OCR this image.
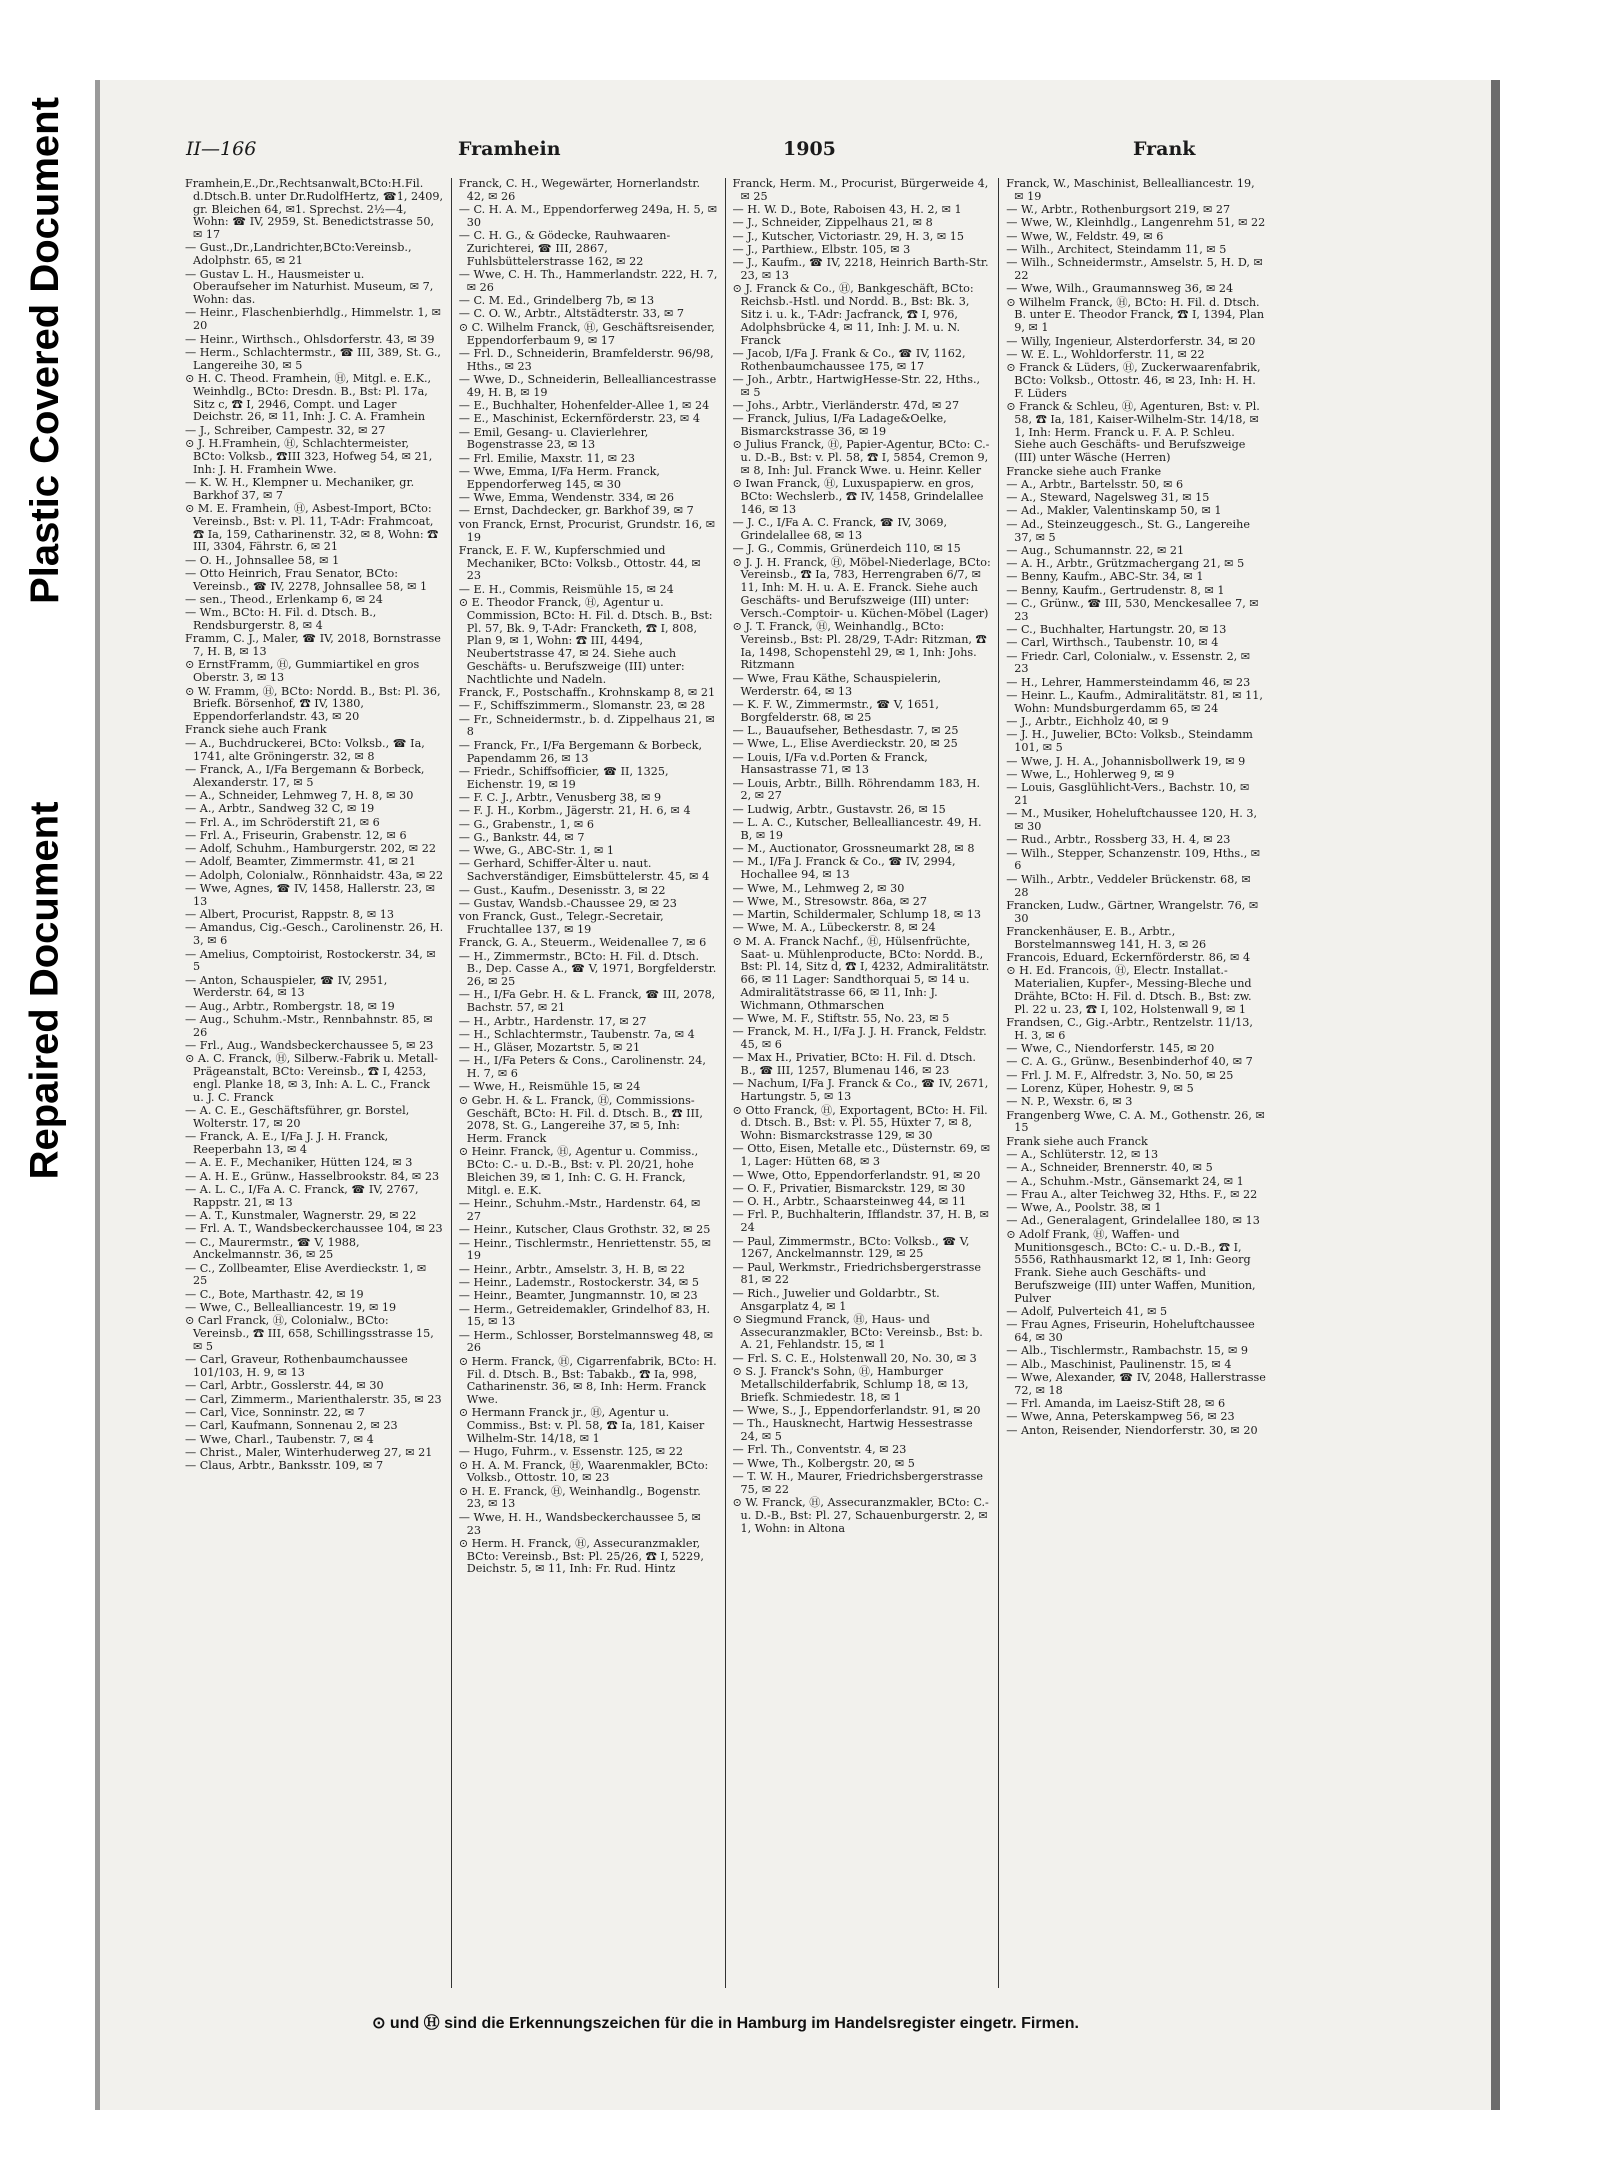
Plastic Covered Document
Repaired Document
II—166	Framhein	1905	Frank
Framhein,E.,Dr.,Rechtsanwalt,BCto:H.Fil. d.Dtsch.B. unter Dr.RudolfHertz, ☎1, 2409, gr. Bleichen 64, ✉1. Sprechst. 2½—4, Wohn: ☎ IV, 2959, St. Benedictstrasse 50, ✉ 17
— Gust.,Dr.,Landrichter,BCto:Vereinsb., Adolphstr. 65, ✉ 21
— Gustav L. H., Hausmeister u. Oberaufseher im Naturhist. Museum, ✉ 7, Wohn: das.
— Heinr., Flaschenbierhdlg., Himmelstr. 1, ✉ 20
— Heinr., Wirthsch., Ohlsdorferstr. 43, ✉ 39
— Herm., Schlachtermstr., ☎ III, 389, St. G., Langereihe 30, ✉ 5
⊙ H. C. Theod. Framhein, Ⓗ, Mitgl. e. E.K., Weinhdlg., BCto: Dresdn. B., Bst: Pl. 17a, Sitz c, ☎ I, 2946, Compt. und Lager Deichstr. 26, ✉ 11, Inh: J. C. A. Framhein
— J., Schreiber, Campestr. 32, ✉ 27
⊙ J. H.Framhein, Ⓗ, Schlachtermeister, BCto: Volksb., ☎III 323, Hofweg 54, ✉ 21, Inh: J. H. Framhein Wwe.
— K. W. H., Klempner u. Mechaniker, gr. Barkhof 37, ✉ 7
⊙ M. E. Framhein, Ⓗ, Asbest-Import, BCto: Vereinsb., Bst: v. Pl. 11, T-Adr: Frahmcoat, ☎ Ia, 159, Catharinenstr. 32, ✉ 8, Wohn: ☎ III, 3304, Fährstr. 6, ✉ 21
— O. H., Johnsallee 58, ✉ 1
— Otto Heinrich, Frau Senator, BCto: Vereinsb., ☎ IV, 2278, Johnsallee 58, ✉ 1
— sen., Theod., Erlenkamp 6, ✉ 24
— Wm., BCto: H. Fil. d. Dtsch. B., Rendsburgerstr. 8, ✉ 4
Framm, C. J., Maler, ☎ IV, 2018, Bornstrasse 7, H. B, ✉ 13
⊙ ErnstFramm, Ⓗ, Gummiartikel en gros Oberstr. 3, ✉ 13
⊙ W. Framm, Ⓗ, BCto: Nordd. B., Bst: Pl. 36, Briefk. Börsenhof, ☎ IV, 1380, Eppendorferlandstr. 43, ✉ 20
Franck siehe auch Frank
— A., Buchdruckerei, BCto: Volksb., ☎ Ia, 1741, alte Gröningerstr. 32, ✉ 8
— Franck, A., I/Fa Bergemann & Borbeck, Alexanderstr. 17, ✉ 5
— A., Schneider, Lehmweg 7, H. 8, ✉ 30
— A., Arbtr., Sandweg 32 C, ✉ 19
— Frl. A., im Schröderstift 21, ✉ 6
— Frl. A., Friseurin, Grabenstr. 12, ✉ 6
— Adolf, Schuhm., Hamburgerstr. 202, ✉ 22
— Adolf, Beamter, Zimmermstr. 41, ✉ 21
— Adolph, Colonialw., Rönnhaidstr. 43a, ✉ 22
— Wwe, Agnes, ☎ IV, 1458, Hallerstr. 23, ✉ 13
— Albert, Procurist, Rappstr. 8, ✉ 13
— Amandus, Cig.-Gesch., Carolinenstr. 26, H. 3, ✉ 6
— Amelius, Comptoirist, Rostockerstr. 34, ✉ 5
— Anton, Schauspieler, ☎ IV, 2951, Werderstr. 64, ✉ 13
— Aug., Arbtr., Rombergstr. 18, ✉ 19
— Aug., Schuhm.-Mstr., Rennbahnstr. 85, ✉ 26
— Frl., Aug., Wandsbeckerchaussee 5, ✉ 23
⊙ A. C. Franck, Ⓗ, Silberw.-Fabrik u. Metall-Prägeanstalt, BCto: Vereinsb., ☎ I, 4253, engl. Planke 18, ✉ 3, Inh: A. L. C., Franck u. J. C. Franck
— A. C. E., Geschäftsführer, gr. Borstel, Wolterstr. 17, ✉ 20
— Franck, A. E., I/Fa J. J. H. Franck, Reeperbahn 13, ✉ 4
— A. E. F., Mechaniker, Hütten 124, ✉ 3
— A. H. E., Grünw., Hasselbrookstr. 84, ✉ 23
— A. L. C., I/Fa A. C. Franck, ☎ IV, 2767, Rappstr. 21, ✉ 13
— A. T., Kunstmaler, Wagnerstr. 29, ✉ 22
— Frl. A. T., Wandsbeckerchaussee 104, ✉ 23
— C., Maurermstr., ☎ V, 1988, Anckelmannstr. 36, ✉ 25
— C., Zollbeamter, Elise Averdieckstr. 1, ✉ 25
— C., Bote, Marthastr. 42, ✉ 19
— Wwe, C., Bellealliancestr. 19, ✉ 19
⊙ Carl Franck, Ⓗ, Colonialw., BCto: Vereinsb., ☎ III, 658, Schillingsstrasse 15, ✉ 5
— Carl, Graveur, Rothenbaumchaussee 101/103, H. 9, ✉ 13
— Carl, Arbtr., Gosslerstr. 44, ✉ 30
— Carl, Zimmerm., Marienthalerstr. 35, ✉ 23
— Carl, Vice, Sonninstr. 22, ✉ 7
— Carl, Kaufmann, Sonnenau 2, ✉ 23
— Wwe, Charl., Taubenstr. 7, ✉ 4
— Christ., Maler, Winterhuderweg 27, ✉ 21
— Claus, Arbtr., Banksstr. 109, ✉ 7
Franck, C. H., Wegewärter, Hornerlandstr. 42, ✉ 26
— C. H. A. M., Eppendorferweg 249a, H. 5, ✉ 30
— C. H. G., & Gödecke, Rauhwaaren-Zurichterei, ☎ III, 2867, Fuhlsbüttelerstrasse 162, ✉ 22
— Wwe, C. H. Th., Hammerlandstr. 222, H. 7, ✉ 26
— C. M. Ed., Grindelberg 7b, ✉ 13
— C. O. W., Arbtr., Altstädterstr. 33, ✉ 7
⊙ C. Wilhelm Franck, Ⓗ, Geschäftsreisender, Eppendorferbaum 9, ✉ 17
— Frl. D., Schneiderin, Bramfelderstr. 96/98, Hths., ✉ 23
— Wwe, D., Schneiderin, Bellealliancestrasse 49, H. B, ✉ 19
— E., Buchhalter, Hohenfelder-Allee 1, ✉ 24
— E., Maschinist, Eckernförderstr. 23, ✉ 4
— Emil, Gesang- u. Clavierlehrer, Bogenstrasse 23, ✉ 13
— Frl. Emilie, Maxstr. 11, ✉ 23
— Wwe, Emma, I/Fa Herm. Franck, Eppendorferweg 145, ✉ 30
— Wwe, Emma, Wendenstr. 334, ✉ 26
— Ernst, Dachdecker, gr. Barkhof 39, ✉ 7
von Franck, Ernst, Procurist, Grundstr. 16, ✉ 19
Franck, E. F. W., Kupferschmied und Mechaniker, BCto: Volksb., Ottostr. 44, ✉ 23
— E. H., Commis, Reismühle 15, ✉ 24
⊙ E. Theodor Franck, Ⓗ, Agentur u. Commission, BCto: H. Fil. d. Dtsch. B., Bst: Pl. 57, Bk. 9, T-Adr: Francketh, ☎ I, 808, Plan 9, ✉ 1, Wohn: ☎ III, 4494, Neubertstrasse 47, ✉ 24. Siehe auch Geschäfts- u. Berufszweige (III) unter: Nachtlichte und Nadeln.
Franck, F., Postschaffn., Krohnskamp 8, ✉ 21
— F., Schiffszimmerm., Slomanstr. 23, ✉ 28
— Fr., Schneidermstr., b. d. Zippelhaus 21, ✉ 8
— Franck, Fr., I/Fa Bergemann & Borbeck, Papendamm 26, ✉ 13
— Friedr., Schiffsofficier, ☎ II, 1325, Eichenstr. 19, ✉ 19
— F. C. J., Arbtr., Venusberg 38, ✉ 9
— F. J. H., Korbm., Jägerstr. 21, H. 6, ✉ 4
— G., Grabenstr., 1, ✉ 6
— G., Bankstr. 44, ✉ 7
— Wwe, G., ABC-Str. 1, ✉ 1
— Gerhard, Schiffer-Älter u. naut. Sachverständiger, Eimsbüttelerstr. 45, ✉ 4
— Gust., Kaufm., Desenisstr. 3, ✉ 22
— Gustav, Wandsb.-Chaussee 29, ✉ 23
von Franck, Gust., Telegr.-Secretair, Fruchtallee 137, ✉ 19
Franck, G. A., Steuerm., Weidenallee 7, ✉ 6
— H., Zimmermstr., BCto: H. Fil. d. Dtsch. B., Dep. Casse A., ☎ V, 1971, Borgfelderstr. 26, ✉ 25
— H., I/Fa Gebr. H. & L. Franck, ☎ III, 2078, Bachstr. 57, ✉ 21
— H., Arbtr., Hardenstr. 17, ✉ 27
— H., Schlachtermstr., Taubenstr. 7a, ✉ 4
— H., Gläser, Mozartstr. 5, ✉ 21
— H., I/Fa Peters & Cons., Carolinenstr. 24, H. 7, ✉ 6
— Wwe, H., Reismühle 15, ✉ 24
⊙ Gebr. H. & L. Franck, Ⓗ, Commissions-Geschäft, BCto: H. Fil. d. Dtsch. B., ☎ III, 2078, St. G., Langereihe 37, ✉ 5, Inh: Herm. Franck
⊙ Heinr. Franck, Ⓗ, Agentur u. Commiss., BCto: C.- u. D.-B., Bst: v. Pl. 20/21, hohe Bleichen 39, ✉ 1, Inh: C. G. H. Franck, Mitgl. e. E.K.
— Heinr., Schuhm.-Mstr., Hardenstr. 64, ✉ 27
— Heinr., Kutscher, Claus Grothstr. 32, ✉ 25
— Heinr., Tischlermstr., Henriettenstr. 55, ✉ 19
— Heinr., Arbtr., Amselstr. 3, H. B, ✉ 22
— Heinr., Lademstr., Rostockerstr. 34, ✉ 5
— Heinr., Beamter, Jungmannstr. 10, ✉ 23
— Herm., Getreidemakler, Grindelhof 83, H. 15, ✉ 13
— Herm., Schlosser, Borstelmannsweg 48, ✉ 26
⊙ Herm. Franck, Ⓗ, Cigarrenfabrik, BCto: H. Fil. d. Dtsch. B., Bst: Tabakb., ☎ Ia, 998, Catharinenstr. 36, ✉ 8, Inh: Herm. Franck Wwe.
⊙ Hermann Franck jr., Ⓗ, Agentur u. Commiss., Bst: v. Pl. 58, ☎ Ia, 181, Kaiser Wilhelm-Str. 14/18, ✉ 1
— Hugo, Fuhrm., v. Essenstr. 125, ✉ 22
⊙ H. A. M. Franck, Ⓗ, Waarenmakler, BCto: Volksb., Ottostr. 10, ✉ 23
⊙ H. E. Franck, Ⓗ, Weinhandlg., Bogenstr. 23, ✉ 13
— Wwe, H. H., Wandsbeckerchaussee 5, ✉ 23
⊙ Herm. H. Franck, Ⓗ, Assecuranzmakler, BCto: Vereinsb., Bst: Pl. 25/26, ☎ I, 5229, Deichstr. 5, ✉ 11, Inh: Fr. Rud. Hintz
Franck, Herm. M., Procurist, Bürgerweide 4, ✉ 25
— H. W. D., Bote, Raboisen 43, H. 2, ✉ 1
— J., Schneider, Zippelhaus 21, ✉ 8
— J., Kutscher, Victoriastr. 29, H. 3, ✉ 15
— J., Parthiew., Elbstr. 105, ✉ 3
— J., Kaufm., ☎ IV, 2218, Heinrich Barth-Str. 23, ✉ 13
⊙ J. Franck & Co., Ⓗ, Bankgeschäft, BCto: Reichsb.-Hstl. und Nordd. B., Bst: Bk. 3, Sitz i. u. k., T-Adr: Jacfranck, ☎ I, 976, Adolphsbrücke 4, ✉ 11, Inh: J. M. u. N. Franck
— Jacob, I/Fa J. Frank & Co., ☎ IV, 1162, Rothenbaumchaussee 175, ✉ 17
— Joh., Arbtr., HartwigHesse-Str. 22, Hths., ✉ 5
— Johs., Arbtr., Vierländerstr. 47d, ✉ 27
— Franck, Julius, I/Fa Ladage&Oelke, Bismarckstrasse 36, ✉ 19
⊙ Julius Franck, Ⓗ, Papier-Agentur, BCto: C.- u. D.-B., Bst: v. Pl. 58, ☎ I, 5854, Cremon 9, ✉ 8, Inh: Jul. Franck Wwe. u. Heinr. Keller
⊙ Iwan Franck, Ⓗ, Luxuspapierw. en gros, BCto: Wechslerb., ☎ IV, 1458, Grindelallee 146, ✉ 13
— J. C., I/Fa A. C. Franck, ☎ IV, 3069, Grindelallee 68, ✉ 13
— J. G., Commis, Grünerdeich 110, ✉ 15
⊙ J. J. H. Franck, Ⓗ, Möbel-Niederlage, BCto: Vereinsb., ☎ Ia, 783, Herrengraben 6/7, ✉ 11, Inh: M. H. u. A. E. Franck. Siehe auch Geschäfts- und Berufszweige (III) unter: Versch.-Comptoir- u. Küchen-Möbel (Lager)
⊙ J. T. Franck, Ⓗ, Weinhandlg., BCto: Vereinsb., Bst: Pl. 28/29, T-Adr: Ritzman, ☎ Ia, 1498, Schopenstehl 29, ✉ 1, Inh: Johs. Ritzmann
— Wwe, Frau Käthe, Schauspielerin, Werderstr. 64, ✉ 13
— K. F. W., Zimmermstr., ☎ V, 1651, Borgfelderstr. 68, ✉ 25
— L., Bauaufseher, Bethesdastr. 7, ✉ 25
— Wwe, L., Elise Averdieckstr. 20, ✉ 25
— Louis, I/Fa v.d.Porten & Franck, Hansastrasse 71, ✉ 13
— Louis, Arbtr., Billh. Röhrendamm 183, H. 2, ✉ 27
— Ludwig, Arbtr., Gustavstr. 26, ✉ 15
— L. A. C., Kutscher, Bellealliancestr. 49, H. B, ✉ 19
— M., Auctionator, Grossneumarkt 28, ✉ 8
— M., I/Fa J. Franck & Co., ☎ IV, 2994, Hochallee 94, ✉ 13
— Wwe, M., Lehmweg 2, ✉ 30
— Wwe, M., Stresowstr. 86a, ✉ 27
— Martin, Schildermaler, Schlump 18, ✉ 13
— Wwe, M. A., Lübeckerstr. 8, ✉ 24
⊙ M. A. Franck Nachf., Ⓗ, Hülsenfrüchte, Saat- u. Mühlenproducte, BCto: Nordd. B., Bst: Pl. 14, Sitz d, ☎ I, 4232, Admiralitätstr. 66, ✉ 11 Lager: Sandthorquai 5, ✉ 14 u. Admiralitätstrasse 66, ✉ 11, Inh: J. Wichmann, Othmarschen
— Wwe, M. F., Stiftstr. 55, No. 23, ✉ 5
— Franck, M. H., I/Fa J. J. H. Franck, Feldstr. 45, ✉ 6
— Max H., Privatier, BCto: H. Fil. d. Dtsch. B., ☎ III, 1257, Blumenau 146, ✉ 23
— Nachum, I/Fa J. Franck & Co., ☎ IV, 2671, Hartungstr. 5, ✉ 13
⊙ Otto Franck, Ⓗ, Exportagent, BCto: H. Fil. d. Dtsch. B., Bst: v. Pl. 55, Hüxter 7, ✉ 8, Wohn: Bismarckstrasse 129, ✉ 30
— Otto, Eisen, Metalle etc., Düsternstr. 69, ✉ 1, Lager: Hütten 68, ✉ 3
— Wwe, Otto, Eppendorferlandstr. 91, ✉ 20
— O. F., Privatier, Bismarckstr. 129, ✉ 30
— O. H., Arbtr., Schaarsteinweg 44, ✉ 11
— Frl. P., Buchhalterin, Ifflandstr. 37, H. B, ✉ 24
— Paul, Zimmermstr., BCto: Volksb., ☎ V, 1267, Anckelmannstr. 129, ✉ 25
— Paul, Werkmstr., Friedrichsbergerstrasse 81, ✉ 22
— Rich., Juwelier und Goldarbtr., St. Ansgarplatz 4, ✉ 1
⊙ Siegmund Franck, Ⓗ, Haus- und Assecuranzmakler, BCto: Vereinsb., Bst: b. A. 21, Fehlandstr. 15, ✉ 1
— Frl. S. C. E., Holstenwall 20, No. 30, ✉ 3
⊙ S. J. Franck's Sohn, Ⓗ, Hamburger Metallschilderfabrik, Schlump 18, ✉ 13, Briefk. Schmiedestr. 18, ✉ 1
— Wwe, S., J., Eppendorferlandstr. 91, ✉ 20
— Th., Hausknecht, Hartwig Hessestrasse 24, ✉ 5
— Frl. Th., Conventstr. 4, ✉ 23
— Wwe, Th., Kolbergstr. 20, ✉ 5
— T. W. H., Maurer, Friedrichsbergerstrasse 75, ✉ 22
⊙ W. Franck, Ⓗ, Assecuranzmakler, BCto: C.- u. D.-B., Bst: Pl. 27, Schauenburgerstr. 2, ✉ 1, Wohn: in Altona
Franck, W., Maschinist, Bellealliancestr. 19, ✉ 19
— W., Arbtr., Rothenburgsort 219, ✉ 27
— Wwe, W., Kleinhdlg., Langenrehm 51, ✉ 22
— Wwe, W., Feldstr. 49, ✉ 6
— Wilh., Architect, Steindamm 11, ✉ 5
— Wilh., Schneidermstr., Amselstr. 5, H. D, ✉ 22
— Wwe, Wilh., Graumannsweg 36, ✉ 24
⊙ Wilhelm Franck, Ⓗ, BCto: H. Fil. d. Dtsch. B. unter E. Theodor Franck, ☎ I, 1394, Plan 9, ✉ 1
— Willy, Ingenieur, Alsterdorferstr. 34, ✉ 20
— W. E. L., Wohldorferstr. 11, ✉ 22
⊙ Franck & Lüders, Ⓗ, Zuckerwaarenfabrik, BCto: Volksb., Ottostr. 46, ✉ 23, Inh: H. H. F. Lüders
⊙ Franck & Schleu, Ⓗ, Agenturen, Bst: v. Pl. 58, ☎ Ia, 181, Kaiser-Wilhelm-Str. 14/18, ✉ 1, Inh: Herm. Franck u. F. A. P. Schleu. Siehe auch Geschäfts- und Berufszweige (III) unter Wäsche (Herren)
Francke siehe auch Franke
— A., Arbtr., Bartelsstr. 50, ✉ 6
— A., Steward, Nagelsweg 31, ✉ 15
— Ad., Makler, Valentinskamp 50, ✉ 1
— Ad., Steinzeuggesch., St. G., Langereihe 37, ✉ 5
— Aug., Schumannstr. 22, ✉ 21
— A. H., Arbtr., Grützmachergang 21, ✉ 5
— Benny, Kaufm., ABC-Str. 34, ✉ 1
— Benny, Kaufm., Gertrudenstr. 8, ✉ 1
— C., Grünw., ☎ III, 530, Menckesallee 7, ✉ 23
— C., Buchhalter, Hartungstr. 20, ✉ 13
— Carl, Wirthsch., Taubenstr. 10, ✉ 4
— Friedr. Carl, Colonialw., v. Essenstr. 2, ✉ 23
— H., Lehrer, Hammersteindamm 46, ✉ 23
— Heinr. L., Kaufm., Admiralitätstr. 81, ✉ 11, Wohn: Mundsburgerdamm 65, ✉ 24
— J., Arbtr., Eichholz 40, ✉ 9
— J. H., Juwelier, BCto: Volksb., Steindamm 101, ✉ 5
— Wwe, J. H. A., Johannisbollwerk 19, ✉ 9
— Wwe, L., Hohlerweg 9, ✉ 9
— Louis, Gasglühlicht-Vers., Bachstr. 10, ✉ 21
— M., Musiker, Hoheluftchaussee 120, H. 3, ✉ 30
— Rud., Arbtr., Rossberg 33, H. 4, ✉ 23
— Wilh., Stepper, Schanzenstr. 109, Hths., ✉ 6
— Wilh., Arbtr., Veddeler Brückenstr. 68, ✉ 28
Francken, Ludw., Gärtner, Wrangelstr. 76, ✉ 30
Franckenhäuser, E. B., Arbtr., Borstelmannsweg 141, H. 3, ✉ 26
Francois, Eduard, Eckernförderstr. 86, ✉ 4
⊙ H. Ed. Francois, Ⓗ, Electr. Installat.-Materialien, Kupfer-, Messing-Bleche und Drähte, BCto: H. Fil. d. Dtsch. B., Bst: zw. Pl. 22 u. 23, ☎ I, 102, Holstenwall 9, ✉ 1
Frandsen, C., Gig.-Arbtr., Rentzelstr. 11/13, H. 3, ✉ 6
— Wwe, C., Niendorferstr. 145, ✉ 20
— C. A. G., Grünw., Besenbinderhof 40, ✉ 7
— Frl. J. M. F., Alfredstr. 3, No. 50, ✉ 25
— Lorenz, Küper, Hohestr. 9, ✉ 5
— N. P., Wexstr. 6, ✉ 3
Frangenberg Wwe, C. A. M., Gothenstr. 26, ✉ 15
Frank siehe auch Franck
— A., Schlüterstr. 12, ✉ 13
— A., Schneider, Brennerstr. 40, ✉ 5
— A., Schuhm.-Mstr., Gänsemarkt 24, ✉ 1
— Frau A., alter Teichweg 32, Hths. F., ✉ 22
— Wwe, A., Poolstr. 38, ✉ 1
— Ad., Generalagent, Grindelallee 180, ✉ 13
⊙ Adolf Frank, Ⓗ, Waffen- und Munitionsgesch., BCto: C.- u. D.-B., ☎ I, 5556, Rathhausmarkt 12, ✉ 1, Inh: Georg Frank. Siehe auch Geschäfts- und Berufszweige (III) unter Waffen, Munition, Pulver
— Adolf, Pulverteich 41, ✉ 5
— Frau Agnes, Friseurin, Hoheluftchaussee 64, ✉ 30
— Alb., Tischlermstr., Rambachstr. 15, ✉ 9
— Alb., Maschinist, Paulinenstr. 15, ✉ 4
— Wwe, Alexander, ☎ IV, 2048, Hallerstrasse 72, ✉ 18
— Frl. Amanda, im Laeisz-Stift 28, ✉ 6
— Wwe, Anna, Peterskampweg 56, ✉ 23
— Anton, Reisender, Niendorferstr. 30, ✉ 20
⊙ und Ⓗ sind die Erkennungszeichen für die in Hamburg im Handelsregister eingetr. Firmen.
